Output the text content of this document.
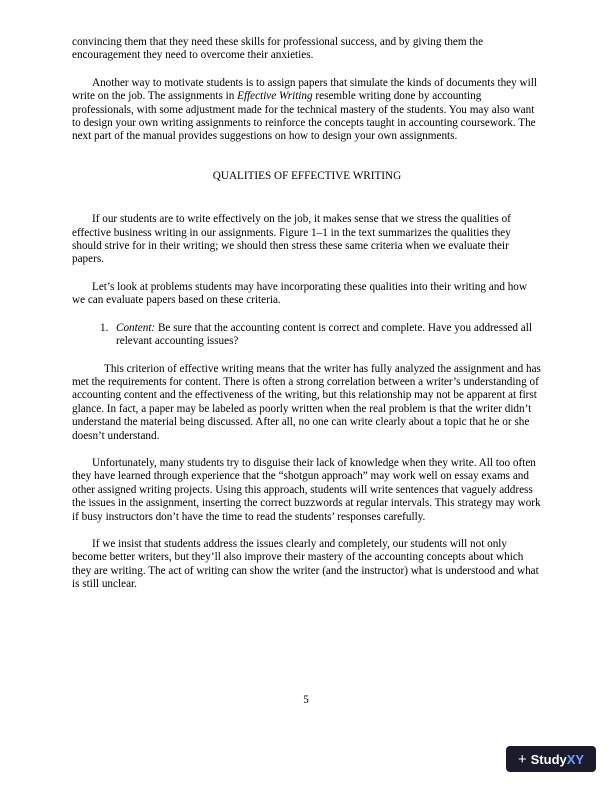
convincing them that they need these skills for professional success, and by giving them the encouragement they need to overcome their anxieties.

Another way to motivate students is to assign papers that simulate the kinds of documents they will write on the job. The assignments in Effective Writing resemble writing done by accounting professionals, with some adjustment made for the technical mastery of the students. You may also want to design your own writing assignments to reinforce the concepts taught in accounting coursework. The next part of the manual provides suggestions on how to design your own assignments.

QUALITIES OF EFFECTIVE WRITING

If our students are to write effectively on the job, it makes sense that we stress the qualities of effective business writing in our assignments. Figure 1–1 in the text summarizes the qualities they should strive for in their writing; we should then stress these same criteria when we evaluate their papers.

Let’s look at problems students may have incorporating these qualities into their writing and how we can evaluate papers based on these criteria.

1. Content: Be sure that the accounting content is correct and complete. Have you addressed all relevant accounting issues?

This criterion of effective writing means that the writer has fully analyzed the assignment and has met the requirements for content. There is often a strong correlation between a writer’s understanding of accounting content and the effectiveness of the writing, but this relationship may not be apparent at first glance. In fact, a paper may be labeled as poorly written when the real problem is that the writer didn’t understand the material being discussed. After all, no one can write clearly about a topic that he or she doesn’t understand.

Unfortunately, many students try to disguise their lack of knowledge when they write. All too often they have learned through experience that the “shotgun approach” may work well on essay exams and other assigned writing projects. Using this approach, students will write sentences that vaguely address the issues in the assignment, inserting the correct buzzwords at regular intervals. This strategy may work if busy instructors don’t have the time to read the students’ responses carefully.

If we insist that students address the issues clearly and completely, our students will not only become better writers, but they’ll also improve their mastery of the accounting concepts about which they are writing. The act of writing can show the writer (and the instructor) what is understood and what is still unclear.

5
+ Study XY
